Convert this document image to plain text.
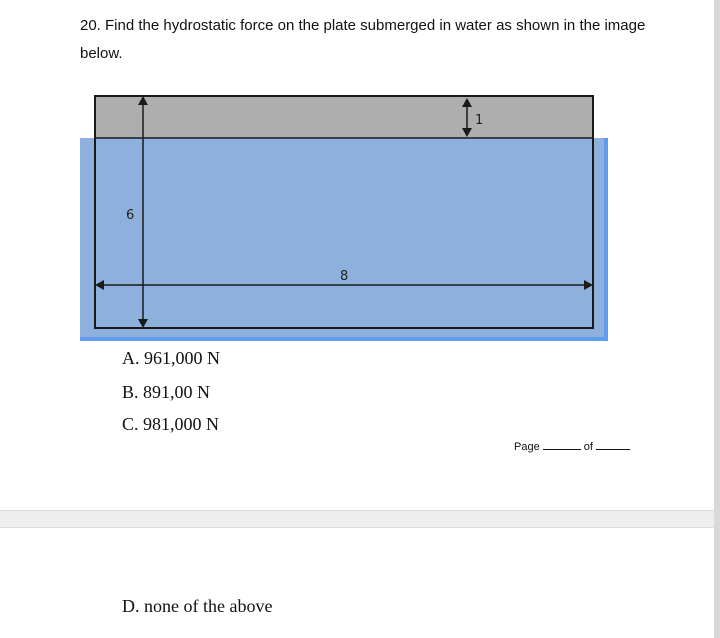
20. Find the hydrostatic force on the plate submerged in water as shown in the image below.
6
8
1
A. 961,000 N
B. 891,00 N
C. 981,000 N
Page	of
D. none of the above
